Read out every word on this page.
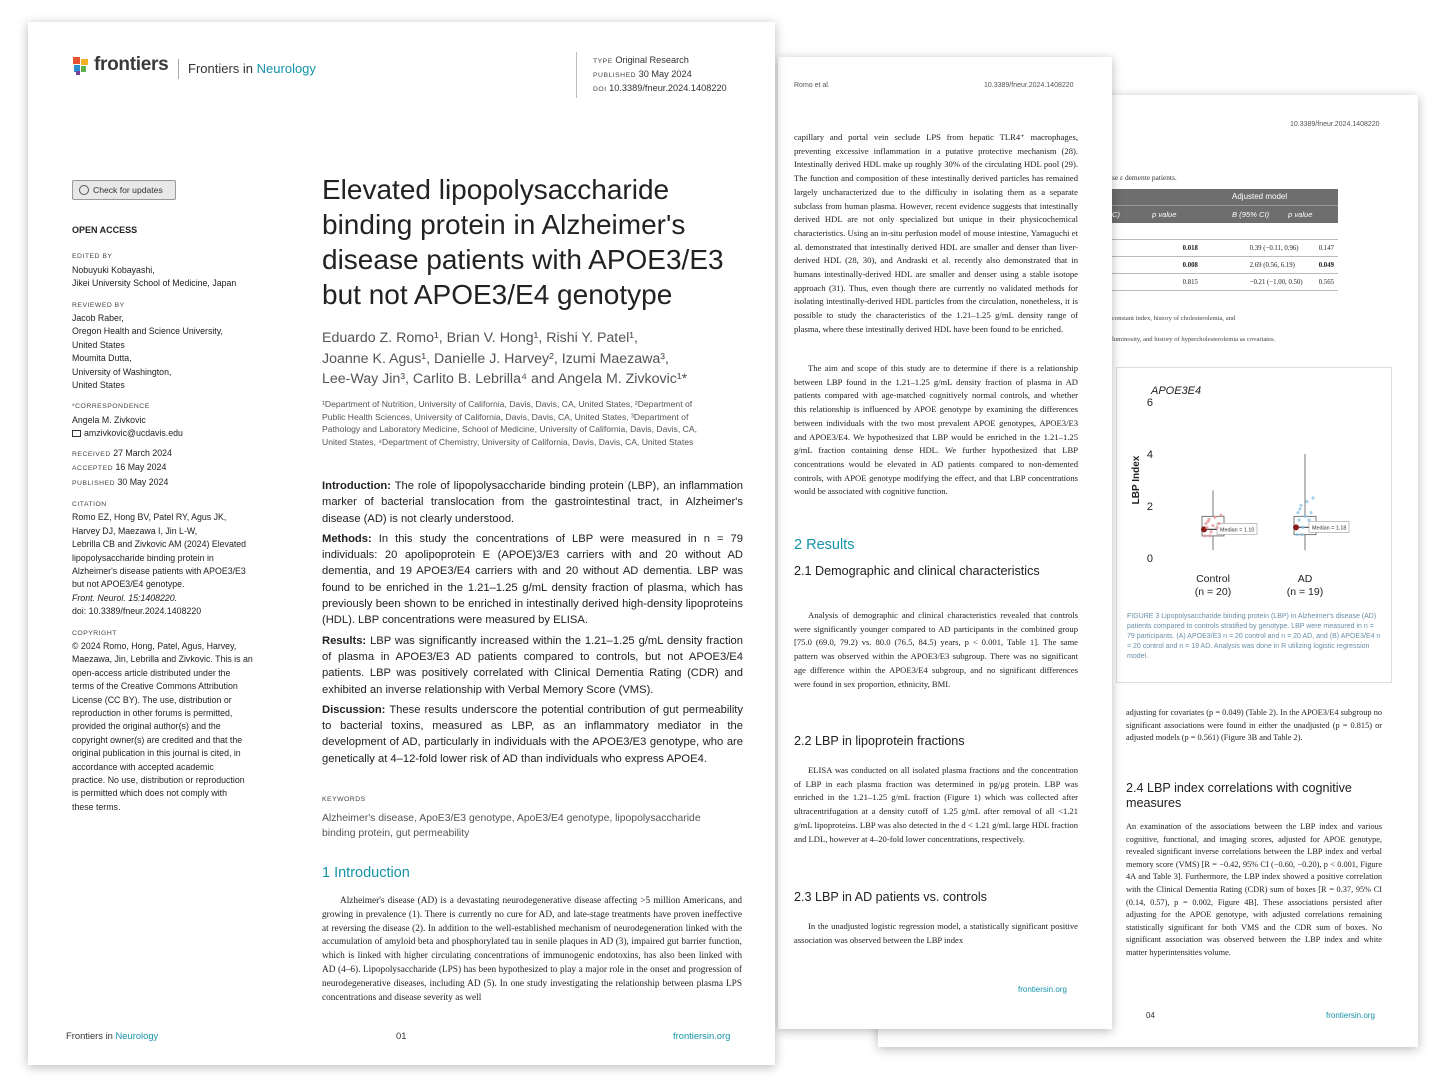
10.3389/fneur.2024.1408220
se ε demente patients.
Adjusted model
C)	p value	B (95% CI) p value

	0.018	0.39 (−0.11, 0.96)	0.147
	0.008	2.69 (0.56, 6.19)	0.049
	0.815	−0.21 (−1.00, 0.50)	0.565
constant index, history of cholesterolemia, and
luminosity, and history of hypercholesterolemia as covariates.
APOE3E4
LBP Index
0
2
4
6
Median = 1.10
Control
(n = 20)
Median = 1.18
AD
(n = 19)
FIGURE 3 Lipopolysaccharide binding protein (LBP) in Alzheimer's disease (AD) patients compared to controls stratified by genotype. LBP were measured in n = 79 participants. (A) APOE3/E3 n = 20 control and n = 20 AD, and (B) APOE3/E4 n = 20 control and n = 19 AD. Analysis was done in R utilizing logistic regression model.
adjusting for covariates (p = 0.049) (Table 2). In the APOE3/E4 subgroup no significant associations were found in either the unadjusted (p = 0.815) or adjusted models (p = 0.561) (Figure 3B and Table 2).
2.4 LBP index correlations with cognitive measures
An examination of the associations between the LBP index and various cognitive, functional, and imaging scores, adjusted for APOE genotype, revealed significant inverse correlations between the LBP index and verbal memory score (VMS) [R = −0.42, 95% CI (−0.60, −0.20), p < 0.001, Figure 4A and Table 3]. Furthermore, the LBP index showed a positive correlation with the Clinical Dementia Rating (CDR) sum of boxes [R = 0.37, 95% CI (0.14, 0.57), p = 0.002, Figure 4B]. These associations persisted after adjusting for the APOE genotype, with adjusted correlations remaining statistically significant for both VMS and the CDR sum of boxes. No significant association was observed between the LBP index and white matter hyperintensities volume.
04	frontiersin.org
Romo et al.	10.3389/fneur.2024.1408220
capillary and portal vein seclude LPS from hepatic TLR4⁺ macrophages, preventing excessive inflammation in a putative protective mechanism (28). Intestinally derived HDL make up roughly 30% of the circulating HDL pool (29). The function and composition of these intestinally derived particles has remained largely uncharacterized due to the difficulty in isolating them as a separate subclass from human plasma. However, recent evidence suggests that intestinally derived HDL are not only specialized but unique in their physicochemical characteristics. Using an in-situ perfusion model of mouse intestine, Yamaguchi et al. demonstrated that intestinally derived HDL are smaller and denser than liver-derived HDL (28, 30), and Andraski et al. recently also demonstrated that in humans intestinally-derived HDL are smaller and denser using a stable isotope approach (31). Thus, even though there are currently no validated methods for isolating intestinally-derived HDL particles from the circulation, nonetheless, it is possible to study the characteristics of the 1.21–1.25 g/mL density range of plasma, where these intestinally derived HDL have been found to be enriched.
The aim and scope of this study are to determine if there is a relationship between LBP found in the 1.21–1.25 g/mL density fraction of plasma in AD patients compared with age-matched cognitively normal controls, and whether this relationship is influenced by APOE genotype by examining the differences between individuals with the two most prevalent APOE genotypes, APOE3/E3 and APOE3/E4. We hypothesized that LBP would be enriched in the 1.21–1.25 g/mL fraction containing dense HDL. We further hypothesized that LBP concentrations would be elevated in AD patients compared to non-demented controls, with APOE genotype modifying the effect, and that LBP concentrations would be associated with cognitive function.
2 Results
2.1 Demographic and clinical characteristics
Analysis of demographic and clinical characteristics revealed that controls were significantly younger compared to AD participants in the combined group [75.0 (69.0, 79.2) vs. 80.0 (76.5, 84.5) years, p < 0.001, Table 1]. The same pattern was observed within the APOE3/E3 subgroup. There was no significant age difference within the APOE3/E4 subgroup, and no significant differences were found in sex proportion, ethnicity, BMI.
2.2 LBP in lipoprotein fractions
ELISA was conducted on all isolated plasma fractions and the concentration of LBP in each plasma fraction was determined in pg/μg protein. LBP was enriched in the 1.21–1.25 g/mL fraction (Figure 1) which was collected after ultracentrifugation at a density cutoff of 1.25 g/mL after removal of all <1.21 g/mL lipoproteins. LBP was also detected in the d < 1.21 g/mL large HDL fraction and LDL, however at 4–20-fold lower concentrations, respectively.
2.3 LBP in AD patients vs. controls
In the unadjusted logistic regression model, a statistically significant positive association was observed between the LBP index
frontiersin.org
frontiers Frontiers in Neurology	TYPE Original Research
PUBLISHED 30 May 2024
DOI 10.3389/fneur.2024.1408220
Check for updates
OPEN ACCESS
EDITED BY
Nobuyuki Kobayashi,
Jikei University School of Medicine, Japan
REVIEWED BY
Jacob Raber,
Oregon Health and Science University,
United States
Moumita Dutta,
University of Washington,
United States
*CORRESPONDENCE
Angela M. Zivkovic
amzivkovic@ucdavis.edu
RECEIVED 27 March 2024
ACCEPTED 16 May 2024
PUBLISHED 30 May 2024
CITATION
Romo EZ, Hong BV, Patel RY, Agus JK,
Harvey DJ, Maezawa I, Jin L-W,
Lebrilla CB and Zivkovic AM (2024) Elevated
lipopolysaccharide binding protein in
Alzheimer's disease patients with APOE3/E3
but not APOE3/E4 genotype.
Front. Neurol. 15:1408220.
doi: 10.3389/fneur.2024.1408220
COPYRIGHT
© 2024 Romo, Hong, Patel, Agus, Harvey,
Maezawa, Jin, Lebrilla and Zivkovic. This is an
open-access article distributed under the
terms of the Creative Commons Attribution
License (CC BY). The use, distribution or
reproduction in other forums is permitted,
provided the original author(s) and the
copyright owner(s) are credited and that the
original publication in this journal is cited, in
accordance with accepted academic
practice. No use, distribution or reproduction
is permitted which does not comply with
these terms.
Elevated lipopolysaccharide
binding protein in Alzheimer's
disease patients with APOE3/E3
but not APOE3/E4 genotype
Eduardo Z. Romo¹, Brian V. Hong¹, Rishi Y. Patel¹,
Joanne K. Agus¹, Danielle J. Harvey², Izumi Maezawa³,
Lee-Way Jin³, Carlito B. Lebrilla⁴ and Angela M. Zivkovic¹*
¹Department of Nutrition, University of California, Davis, Davis, CA, United States, ²Department of
Public Health Sciences, University of California, Davis, Davis, CA, United States, ³Department of
Pathology and Laboratory Medicine, School of Medicine, University of California, Davis, Davis, CA,
United States, ⁴Department of Chemistry, University of California, Davis, Davis, CA, United States
Introduction: The role of lipopolysaccharide binding protein (LBP), an inflammation marker of bacterial translocation from the gastrointestinal tract, in Alzheimer's disease (AD) is not clearly understood.
Methods: In this study the concentrations of LBP were measured in n = 79 individuals: 20 apolipoprotein E (APOE)3/E3 carriers with and 20 without AD dementia, and 19 APOE3/E4 carriers with and 20 without AD dementia. LBP was found to be enriched in the 1.21–1.25 g/mL density fraction of plasma, which has previously been shown to be enriched in intestinally derived high-density lipoproteins (HDL). LBP concentrations were measured by ELISA.
Results: LBP was significantly increased within the 1.21–1.25 g/mL density fraction of plasma in APOE3/E3 AD patients compared to controls, but not APOE3/E4 patients. LBP was positively correlated with Clinical Dementia Rating (CDR) and exhibited an inverse relationship with Verbal Memory Score (VMS).
Discussion: These results underscore the potential contribution of gut permeability to bacterial toxins, measured as LBP, as an inflammatory mediator in the development of AD, particularly in individuals with the APOE3/E3 genotype, who are genetically at 4–12-fold lower risk of AD than individuals who express APOE4.
KEYWORDS
Alzheimer's disease, ApoE3/E3 genotype, ApoE3/E4 genotype, lipopolysaccharide
binding protein, gut permeability
1 Introduction
Alzheimer's disease (AD) is a devastating neurodegenerative disease affecting >5 million Americans, and growing in prevalence (1). There is currently no cure for AD, and late-stage treatments have proven ineffective at reversing the disease (2). In addition to the well-established mechanism of neurodegeneration linked with the accumulation of amyloid beta and phosphorylated tau in senile plaques in AD (3), impaired gut barrier function, which is linked with higher circulating concentrations of immunogenic endotoxins, has also been linked with AD (4–6). Lipopolysaccharide (LPS) has been hypothesized to play a major role in the onset and progression of neurodegenerative diseases, including AD (5). In one study investigating the relationship between plasma LPS concentrations and disease severity as well
Frontiers in Neurology	01	frontiersin.org
